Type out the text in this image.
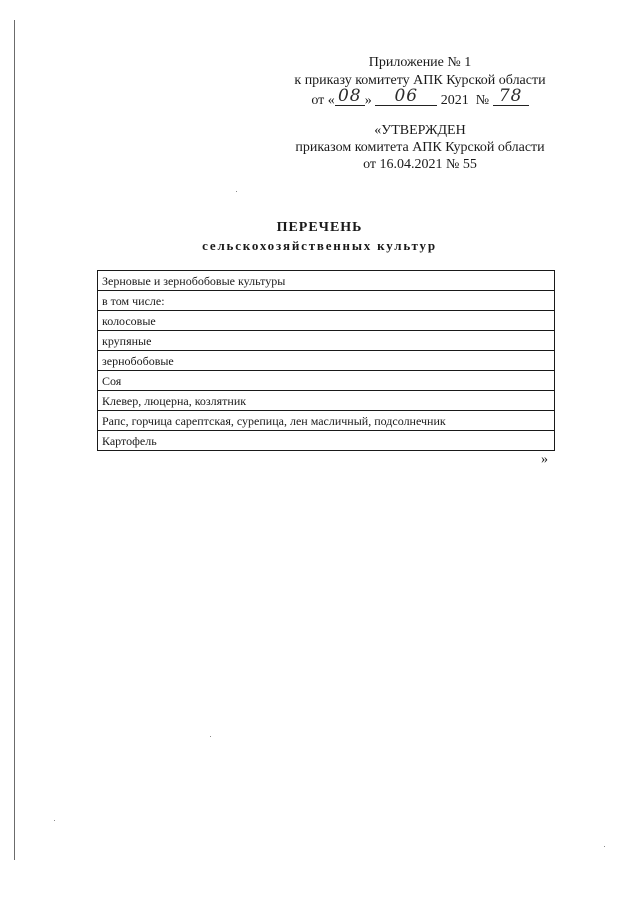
Приложение № 1
к приказу комитету АПК Курской области
от « 08 » 06 2021 № 78
«УТВЕРЖДЕН
приказом комитета АПК Курской области
от 16.04.2021 № 55
ПЕРЕЧЕНЬ
сельскохозяйственных культур
Зерновые и зернобобовые культуры
в том числе:
колосовые
крупяные
зернобобовые
Соя
Клевер, люцерна, козлятник
Рапс, горчица сарептская, сурепица, лен масличный, подсолнечник
Картофель
»
